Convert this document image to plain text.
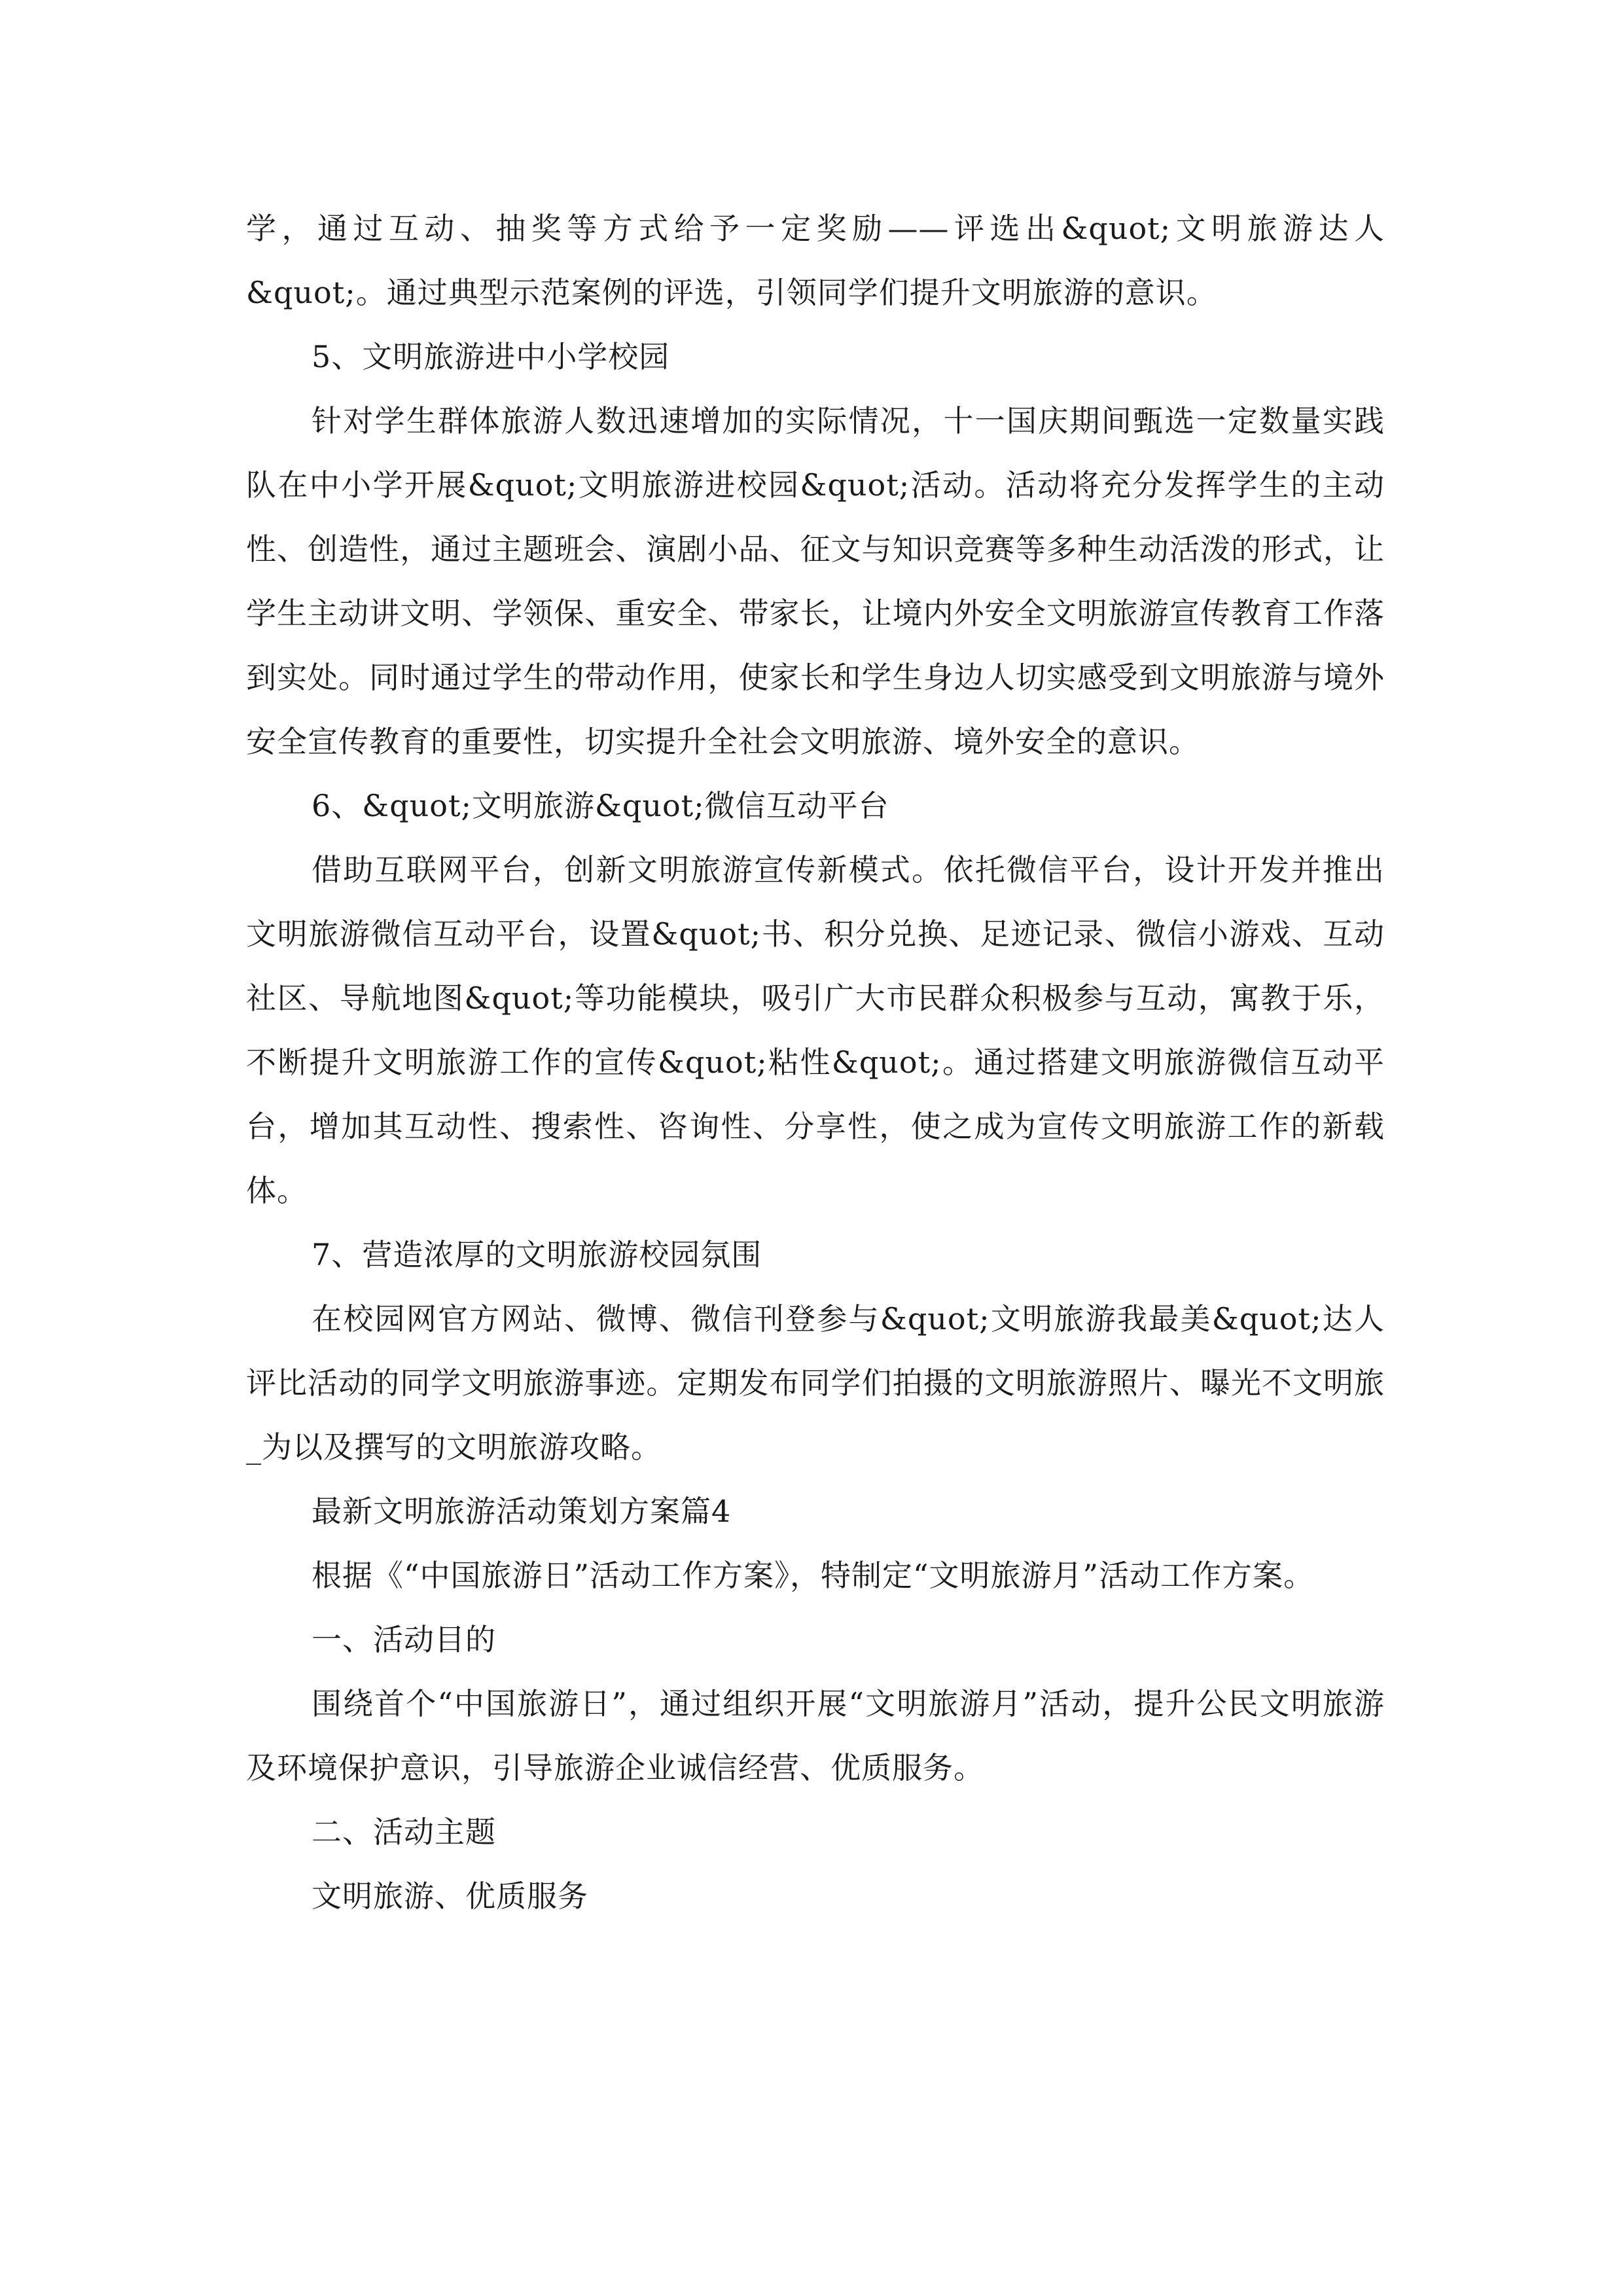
学，通过互动、抽奖等方式给予一定奖励——评选出&quot;文明旅游达人&quot;。通过典型示范案例的评选，引领同学们提升文明旅游的意识。

5、文明旅游进中小学校园

针对学生群体旅游人数迅速增加的实际情况，十一国庆期间甄选一定数量实践队在中小学开展&quot;文明旅游进校园&quot;活动。活动将充分发挥学生的主动性、创造性，通过主题班会、演剧小品、征文与知识竞赛等多种生动活泼的形式，让学生主动讲文明、学领保、重安全、带家长，让境内外安全文明旅游宣传教育工作落到实处。同时通过学生的带动作用，使家长和学生身边人切实感受到文明旅游与境外安全宣传教育的重要性，切实提升全社会文明旅游、境外安全的意识。

6、&quot;文明旅游&quot;微信互动平台

借助互联网平台，创新文明旅游宣传新模式。依托微信平台，设计开发并推出文明旅游微信互动平台，设置&quot;书、积分兑换、足迹记录、微信小游戏、互动社区、导航地图&quot;等功能模块，吸引广大市民群众积极参与互动，寓教于乐，不断提升文明旅游工作的宣传&quot;粘性&quot;。通过搭建文明旅游微信互动平台，增加其互动性、搜索性、咨询性、分享性，使之成为宣传文明旅游工作的新载体。

7、营造浓厚的文明旅游校园氛围

在校园网官方网站、微博、微信刊登参与&quot;文明旅游我最美&quot;达人评比活动的同学文明旅游事迹。定期发布同学们拍摄的文明旅游照片、曝光不文明旅_为以及撰写的文明旅游攻略。

最新文明旅游活动策划方案篇4

根据《“中国旅游日”活动工作方案》，特制定“文明旅游月”活动工作方案。

一、活动目的

围绕首个“中国旅游日”，通过组织开展“文明旅游月”活动，提升公民文明旅游及环境保护意识，引导旅游企业诚信经营、优质服务。

二、活动主题

文明旅游、优质服务
